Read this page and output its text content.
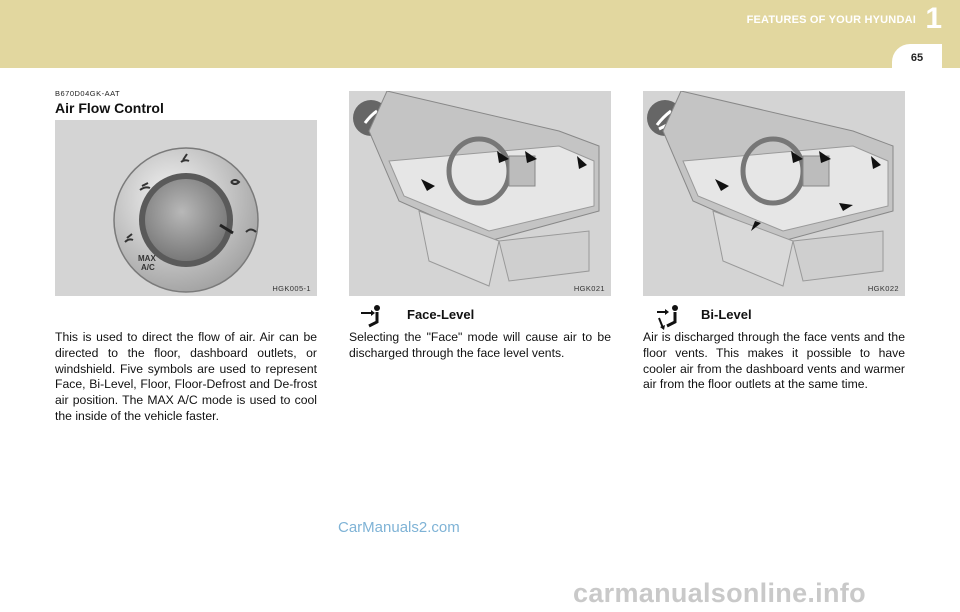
FEATURES OF YOUR HYUNDAI 1
65
B670D04GK-AAT
Air Flow Control
MAX
A/C
HGK005-1
This is used to direct the flow of air. Air can be directed to the floor, dashboard outlets, or windshield. Five symbols are used to represent Face, Bi-Level, Floor, Floor-Defrost and De-frost air position. The MAX A/C mode is used to cool the inside of the vehicle faster.
HGK021
Face-Level
Selecting the "Face" mode will cause air to be discharged through the face level vents.
HGK022
Bi-Level
Air is discharged through the face vents and the floor vents. This makes it possible to have cooler air from the dashboard vents and warmer air from the floor outlets at the same time.
CarManuals2.com
carmanualsonline.info
